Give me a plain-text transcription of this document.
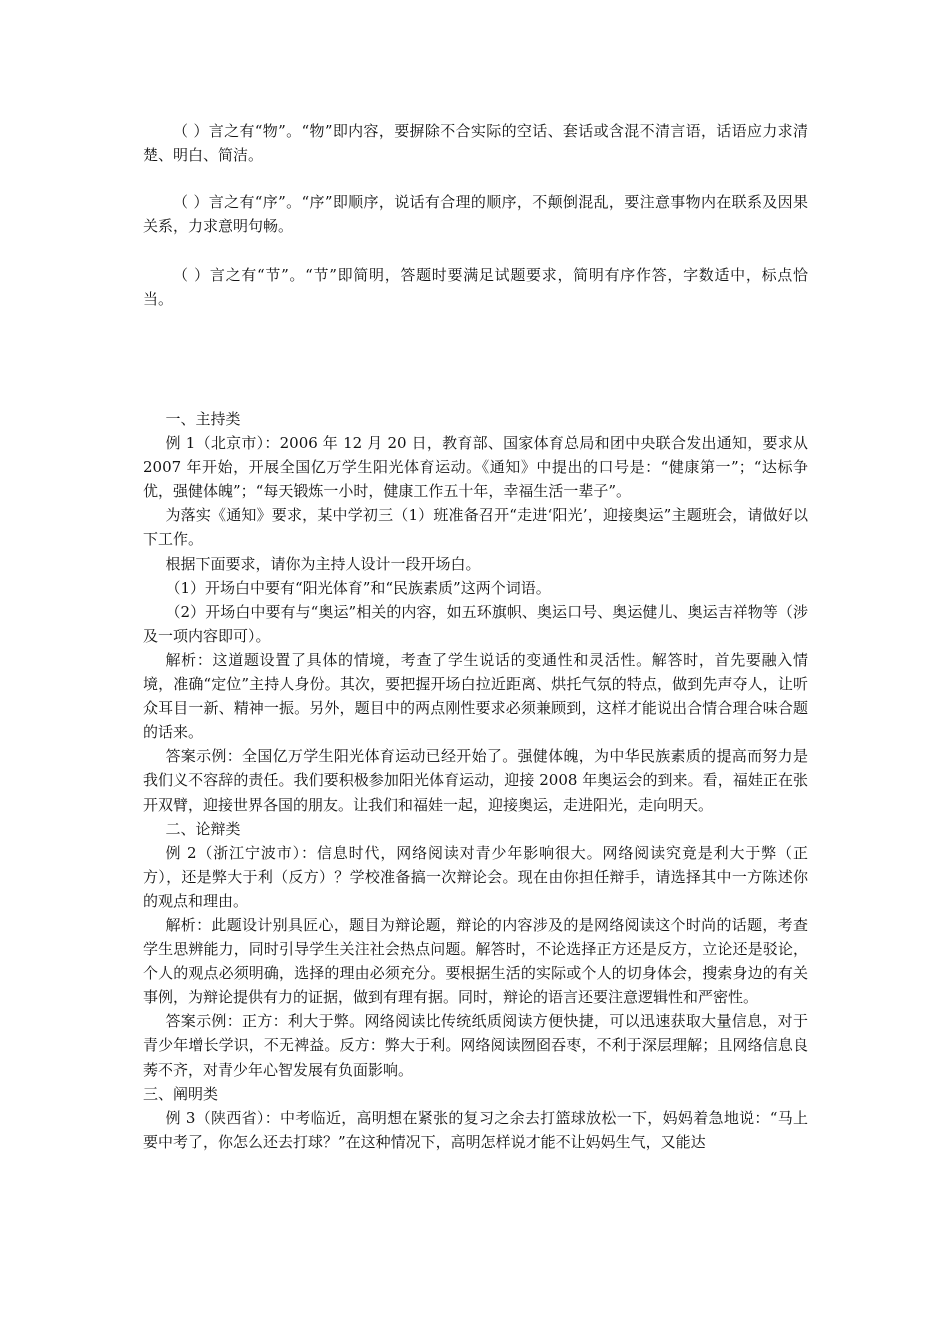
（ ）言之有“物”。“物”即内容，要摒除不合实际的空话、套话或含混不清言语，话语应力求清楚、明白、简洁。

（ ）言之有“序”。“序”即顺序，说话有合理的顺序，不颠倒混乱，要注意事物内在联系及因果关系，力求意明句畅。

（ ）言之有“节”。“节”即简明，答题时要满足试题要求，简明有序作答，字数适中，标点恰当。

一、主持类

例 1（北京市）：2006 年 12 月 20 日，教育部、国家体育总局和团中央联合发出通知，要求从 2007 年开始，开展全国亿万学生阳光体育运动。《通知》中提出的口号是：“健康第一”；“达标争优，强健体魄”；“每天锻炼一小时，健康工作五十年，幸福生活一辈子”。

为落实《通知》要求，某中学初三（1）班准备召开“走进‘阳光’，迎接奥运”主题班会，请做好以下工作。

根据下面要求，请你为主持人设计一段开场白。

（1）开场白中要有“阳光体育”和“民族素质”这两个词语。

（2）开场白中要有与“奥运”相关的内容，如五环旗帜、奥运口号、奥运健儿、奥运吉祥物等（涉及一项内容即可）。

解析：这道题设置了具体的情境，考查了学生说话的变通性和灵活性。解答时，首先要融入情境，准确“定位”主持人身份。其次，要把握开场白拉近距离、烘托气氛的特点，做到先声夺人，让听众耳目一新、精神一振。另外，题目中的两点刚性要求必须兼顾到，这样才能说出合情合理合味合题的话来。

答案示例：全国亿万学生阳光体育运动已经开始了。强健体魄，为中华民族素质的提高而努力是我们义不容辞的责任。我们要积极参加阳光体育运动，迎接 2008 年奥运会的到来。看，福娃正在张开双臂，迎接世界各国的朋友。让我们和福娃一起，迎接奥运，走进阳光，走向明天。

二、论辩类

例 2（浙江宁波市）：信息时代，网络阅读对青少年影响很大。网络阅读究竟是利大于弊（正方），还是弊大于利（反方）？学校准备搞一次辩论会。现在由你担任辩手，请选择其中一方陈述你的观点和理由。

解析：此题设计别具匠心，题目为辩论题，辩论的内容涉及的是网络阅读这个时尚的话题，考查学生思辨能力，同时引导学生关注社会热点问题。解答时，不论选择正方还是反方，立论还是驳论，个人的观点必须明确，选择的理由必须充分。要根据生活的实际或个人的切身体会，搜索身边的有关事例，为辩论提供有力的证据，做到有理有据。同时，辩论的语言还要注意逻辑性和严密性。

答案示例：正方：利大于弊。网络阅读比传统纸质阅读方便快捷，可以迅速获取大量信息，对于青少年增长学识，不无裨益。反方：弊大于利。网络阅读囫囵吞枣，不利于深层理解；且网络信息良莠不齐，对青少年心智发展有负面影响。

三、阐明类

例 3（陕西省）：中考临近，高明想在紧张的复习之余去打篮球放松一下，妈妈着急地说：“马上要中考了，你怎么还去打球？”在这种情况下，高明怎样说才能不让妈妈生气，又能达
